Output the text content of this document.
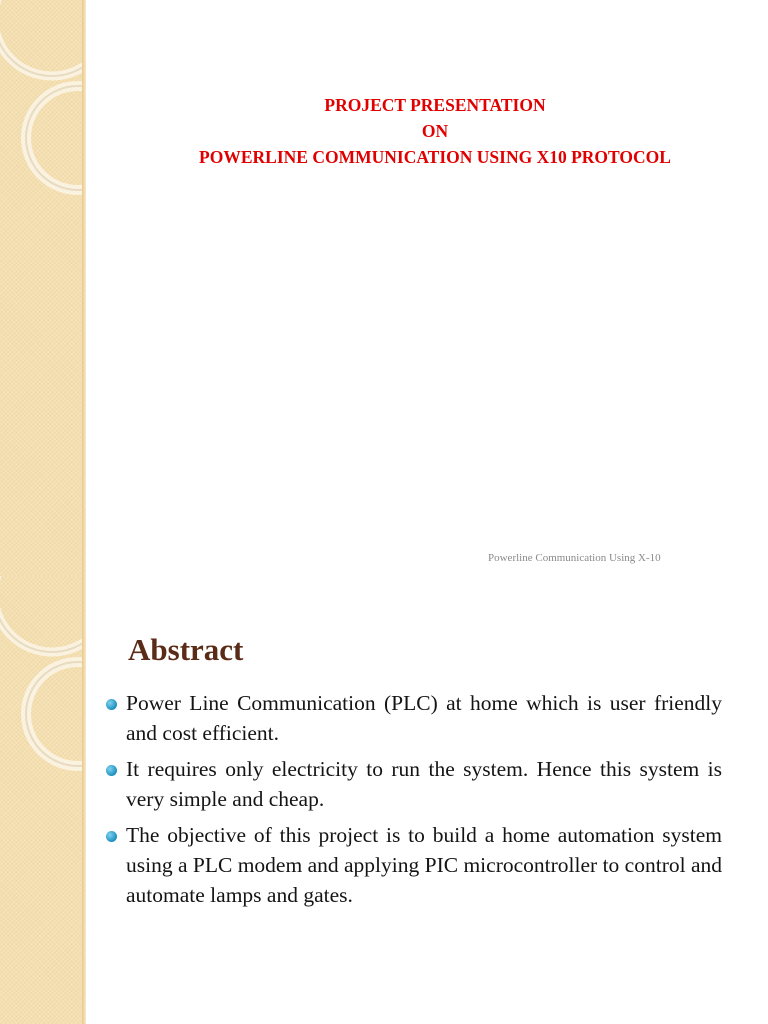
PROJECT PRESENTATION
ON
POWERLINE COMMUNICATION USING X10 PROTOCOL
Powerline Communication Using X-10
Abstract
Power Line Communication (PLC) at home which is user friendly and cost efficient.
It requires only electricity to run the system. Hence this system is very simple and cheap.
The objective of this project is to build a home automation system using a PLC modem and applying PIC microcontroller to control and automate lamps and gates.
